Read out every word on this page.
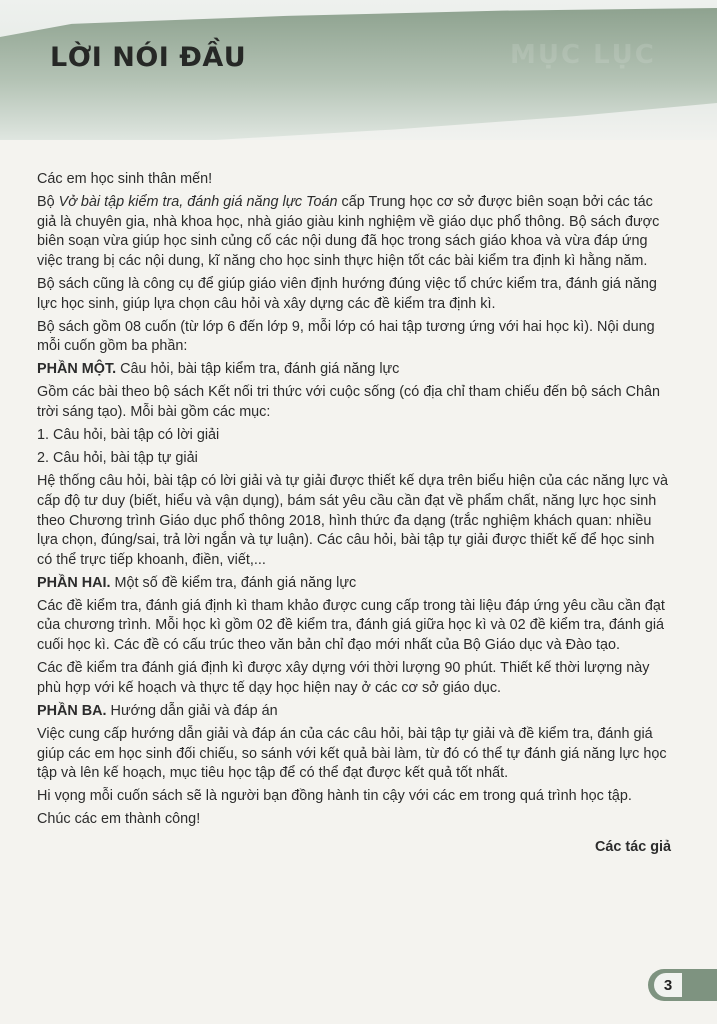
MỤC LỤC
LỜI NÓI ĐẦU

Các em học sinh thân mến!

Bộ Vở bài tập kiểm tra, đánh giá năng lực Toán cấp Trung học cơ sở được biên soạn bởi các tác giả là chuyên gia, nhà khoa học, nhà giáo giàu kinh nghiệm về giáo dục phổ thông. Bộ sách được biên soạn vừa giúp học sinh củng cố các nội dung đã học trong sách giáo khoa và vừa đáp ứng việc trang bị các nội dung, kĩ năng cho học sinh thực hiện tốt các bài kiểm tra định kì hằng năm.

Bộ sách cũng là công cụ để giúp giáo viên định hướng đúng việc tổ chức kiểm tra, đánh giá năng lực học sinh, giúp lựa chọn câu hỏi và xây dựng các đề kiểm tra định kì.

Bộ sách gồm 08 cuốn (từ lớp 6 đến lớp 9, mỗi lớp có hai tập tương ứng với hai học kì). Nội dung mỗi cuốn gồm ba phần:

PHẦN MỘT. Câu hỏi, bài tập kiểm tra, đánh giá năng lực

Gồm các bài theo bộ sách Kết nối tri thức với cuộc sống (có địa chỉ tham chiếu đến bộ sách Chân trời sáng tạo). Mỗi bài gồm các mục:

1. Câu hỏi, bài tập có lời giải

2. Câu hỏi, bài tập tự giải

Hệ thống câu hỏi, bài tập có lời giải và tự giải được thiết kế dựa trên biểu hiện của các năng lực và cấp độ tư duy (biết, hiểu và vận dụng), bám sát yêu cầu cần đạt về phẩm chất, năng lực học sinh theo Chương trình Giáo dục phổ thông 2018, hình thức đa dạng (trắc nghiệm khách quan: nhiều lựa chọn, đúng/sai, trả lời ngắn và tự luận). Các câu hỏi, bài tập tự giải được thiết kế để học sinh có thể trực tiếp khoanh, điền, viết,...

PHẦN HAI. Một số đề kiểm tra, đánh giá năng lực

Các đề kiểm tra, đánh giá định kì tham khảo được cung cấp trong tài liệu đáp ứng yêu cầu cần đạt của chương trình. Mỗi học kì gồm 02 đề kiểm tra, đánh giá giữa học kì và 02 đề kiểm tra, đánh giá cuối học kì. Các đề có cấu trúc theo văn bản chỉ đạo mới nhất của Bộ Giáo dục và Đào tạo.

Các đề kiểm tra đánh giá định kì được xây dựng với thời lượng 90 phút. Thiết kế thời lượng này phù hợp với kế hoạch và thực tế dạy học hiện nay ở các cơ sở giáo dục.

PHẦN BA. Hướng dẫn giải và đáp án

Việc cung cấp hướng dẫn giải và đáp án của các câu hỏi, bài tập tự giải và đề kiểm tra, đánh giá giúp các em học sinh đối chiếu, so sánh với kết quả bài làm, từ đó có thể tự đánh giá năng lực học tập và lên kế hoạch, mục tiêu học tập để có thể đạt được kết quả tốt nhất.

Hi vọng mỗi cuốn sách sẽ là người bạn đồng hành tin cậy với các em trong quá trình học tập.

Chúc các em thành công!

Các tác giả

3
